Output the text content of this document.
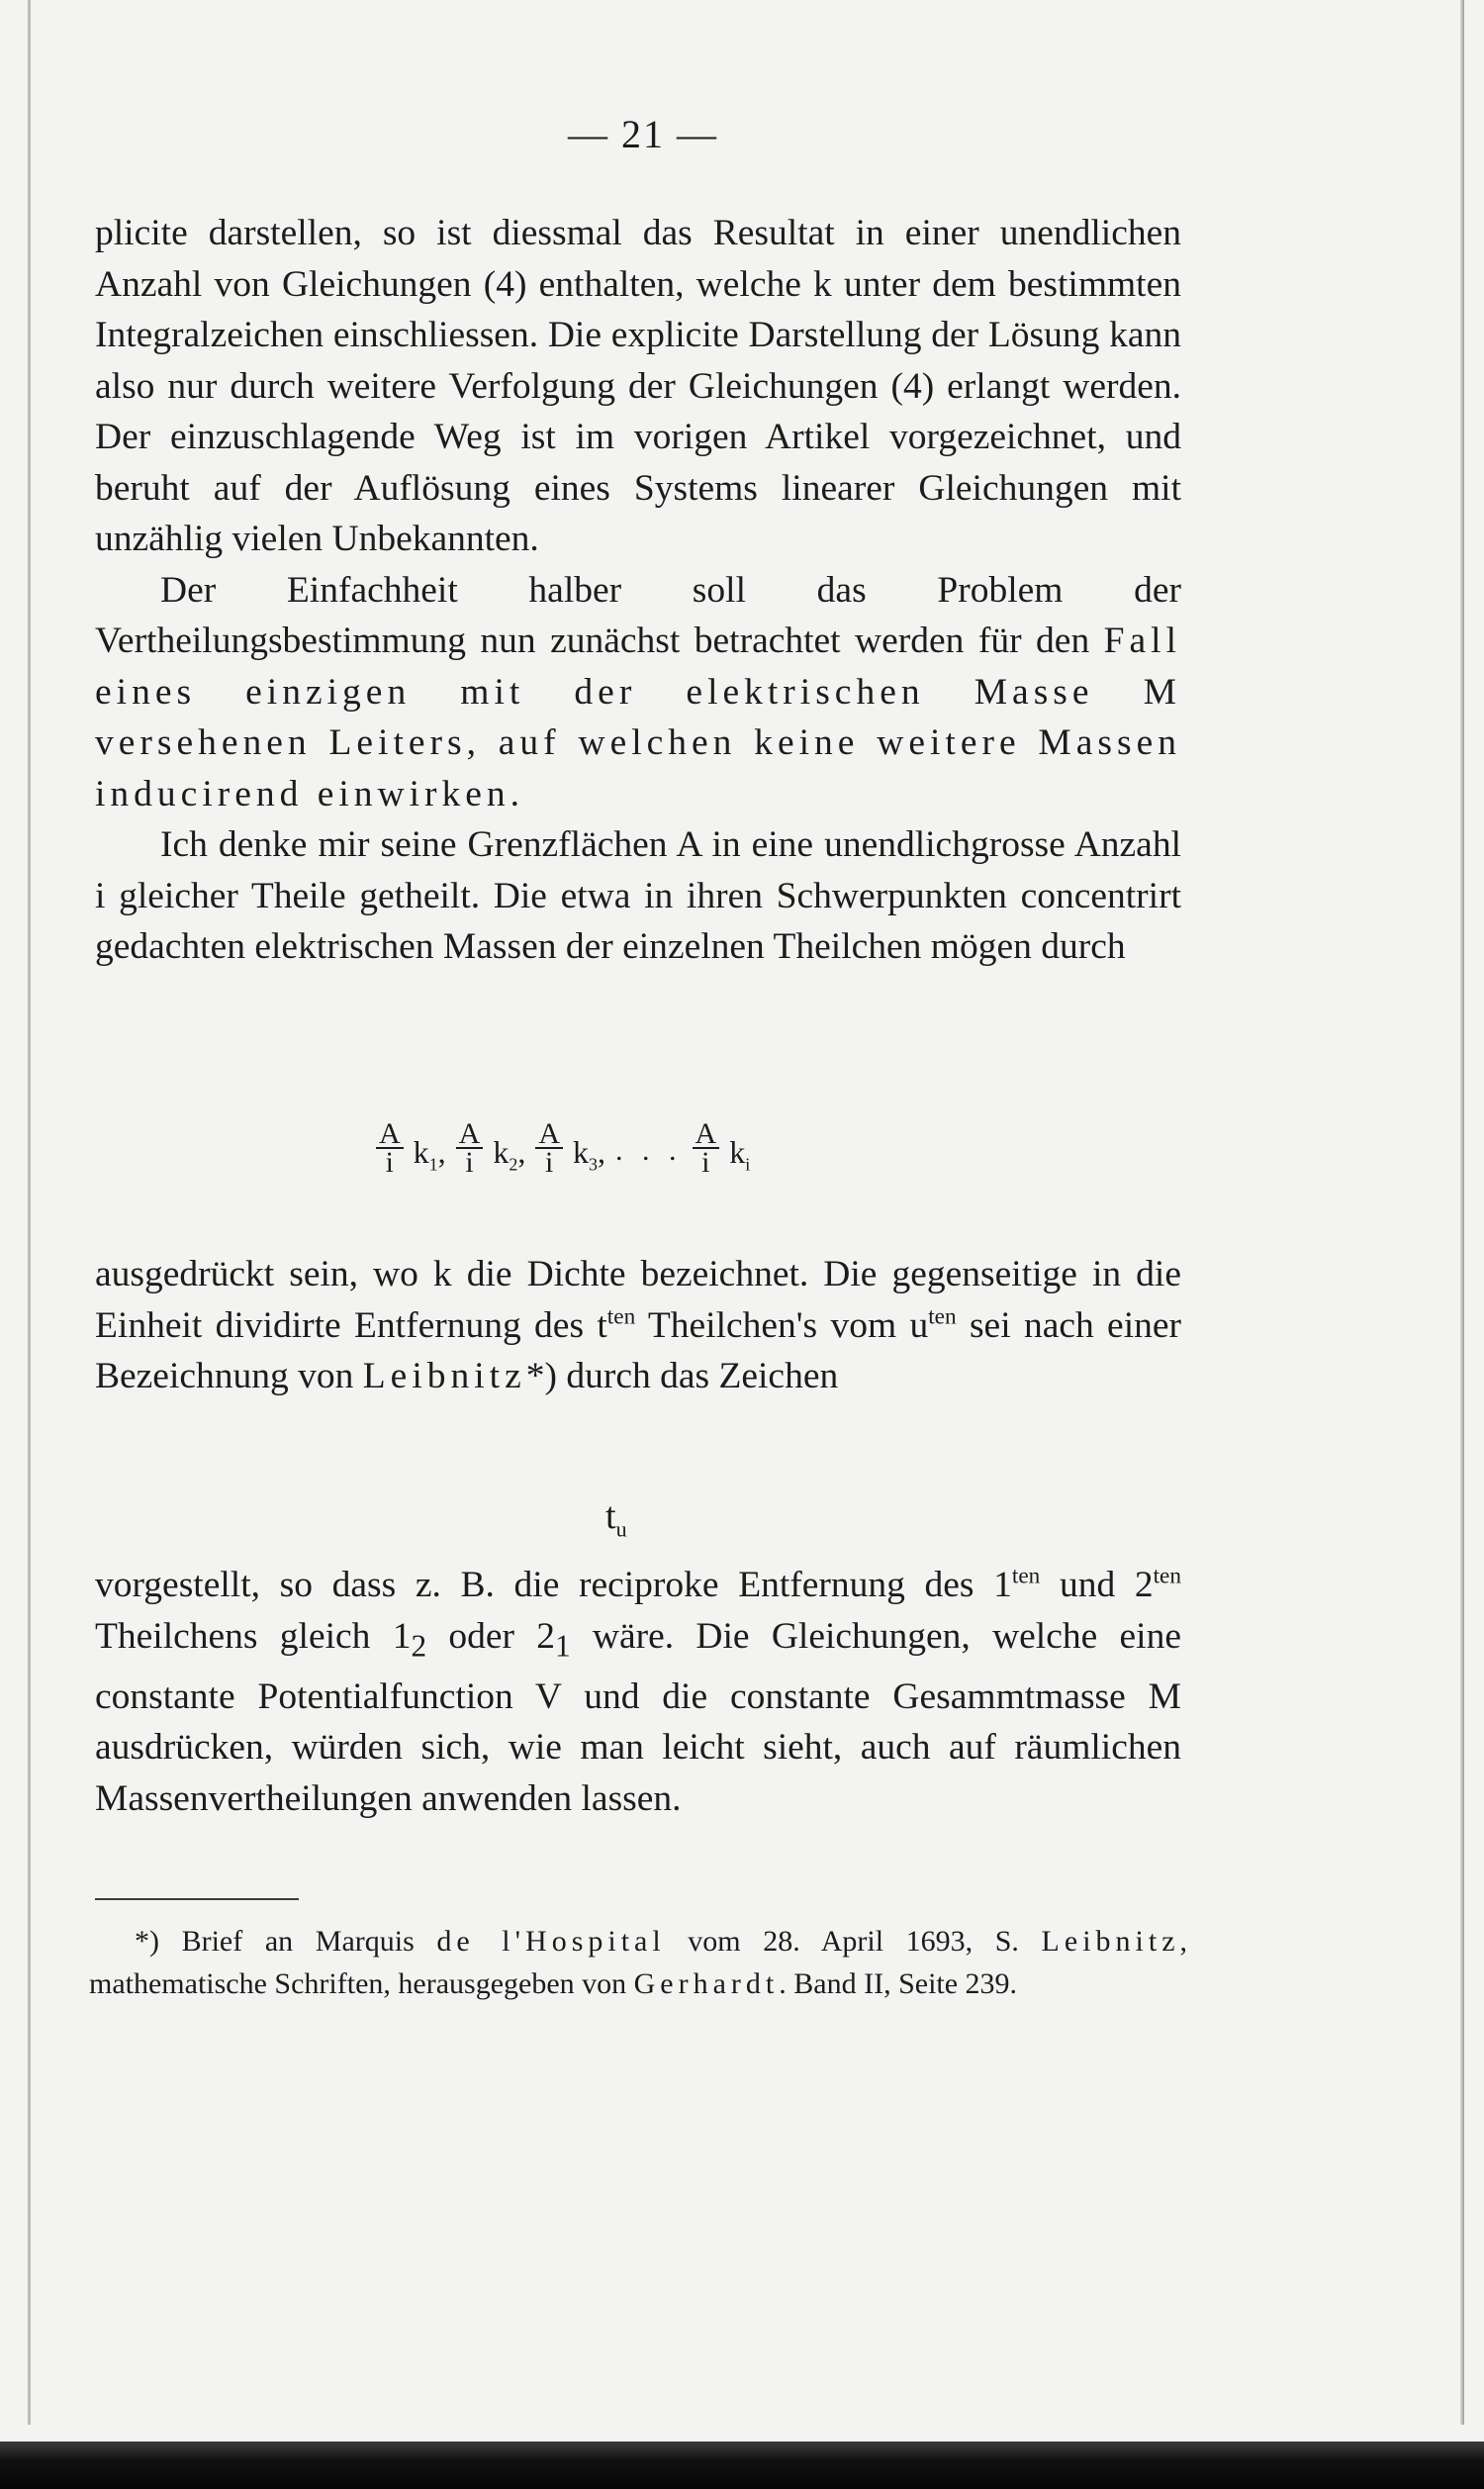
— 21 —

plicite darstellen, so ist diessmal das Resultat in einer unendlichen Anzahl von Gleichungen (4) enthalten, welche k unter dem bestimmten Integralzeichen einschliessen. Die explicite Darstellung der Lösung kann also nur durch weitere Verfolgung der Gleichungen (4) erlangt werden. Der einzuschlagende Weg ist im vorigen Artikel vorgezeichnet, und beruht auf der Auflösung eines Systems linearer Gleichungen mit unzählig vielen Unbekannten.

Der Einfachheit halber soll das Problem der Vertheilungsbestimmung nun zunächst betrachtet werden für den Fall eines einzigen mit der elektrischen Masse M versehenen Leiters, auf welchen keine weitere Massen inducirend einwirken.

Ich denke mir seine Grenzflächen A in eine unendlichgrosse Anzahl i gleicher Theile getheilt. Die etwa in ihren Schwerpunkten concentrirt gedachten elektrischen Massen der einzelnen Theilchen mögen durch

$\frac{A}{i} k_1$, $\frac{A}{i} k_2$, $\frac{A}{i} k_3$, . . . $\frac{A}{i} k_i$

ausgedrückt sein, wo k die Dichte bezeichnet. Die gegenseitige in die Einheit dividirte Entfernung des $t^{ten}$ Theilchen's vom $u^{ten}$ sei nach einer Bezeichnung von Leibnitz*) durch das Zeichen

$t_u$

vorgestellt, so dass z. B. die reciproke Entfernung des $1^{ten}$ und $2^{ten}$ Theilchens gleich $1_2$ oder $2_1$ wäre. Die Gleichungen, welche eine constante Potentialfunction V und die constante Gesammtmasse M ausdrücken, würden sich, wie man leicht sieht, auch auf räumlichen Massenvertheilungen anwenden lassen.

*) Brief an Marquis de l'Hospital vom 28. April 1693, S. Leibnitz, mathematische Schriften, herausgegeben von Gerhardt. Band II, Seite 239.
